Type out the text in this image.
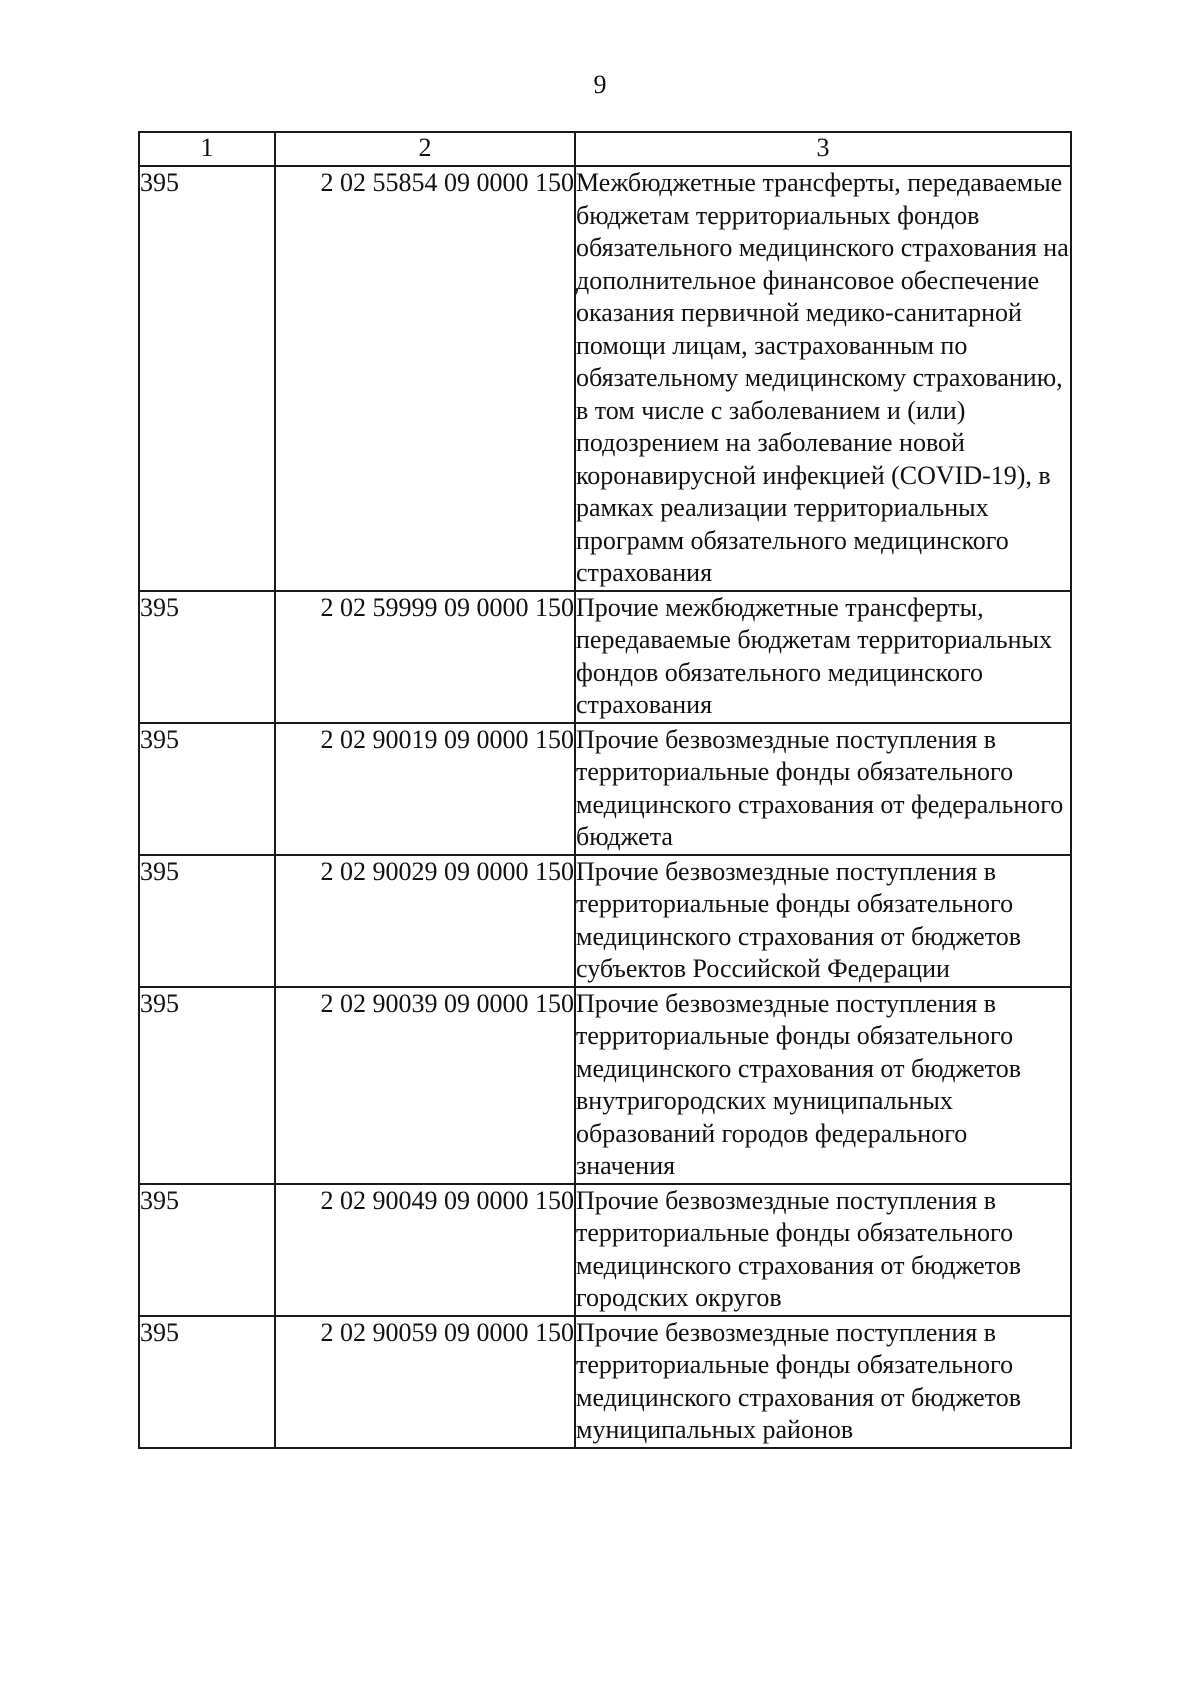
9
1	2	3
395	2 02 55854 09 0000 150	Межбюджетные трансферты, передаваемые бюджетам территориальных фондов обязательного медицинского страхования на дополнительное финансовое обеспечение оказания первичной медико-санитарной помощи лицам, застрахованным по обязательному медицинскому страхованию, в том числе с заболеванием и (или) подозрением на заболевание новой коронавирусной инфекцией (COVID-19), в рамках реализации территориальных программ обязательного медицинского страхования
395	2 02 59999 09 0000 150	Прочие межбюджетные трансферты, передаваемые бюджетам территориальных фондов обязательного медицинского страхования
395	2 02 90019 09 0000 150	Прочие безвозмездные поступления в территориальные фонды обязательного медицинского страхования от федерального бюджета
395	2 02 90029 09 0000 150	Прочие безвозмездные поступления в территориальные фонды обязательного медицинского страхования от бюджетов субъектов Российской Федерации
395	2 02 90039 09 0000 150	Прочие безвозмездные поступления в территориальные фонды обязательного медицинского страхования от бюджетов внутригородских муниципальных образований городов федерального значения
395	2 02 90049 09 0000 150	Прочие безвозмездные поступления в территориальные фонды обязательного медицинского страхования от бюджетов городских округов
395	2 02 90059 09 0000 150	Прочие безвозмездные поступления в территориальные фонды обязательного медицинского страхования от бюджетов муниципальных районов
